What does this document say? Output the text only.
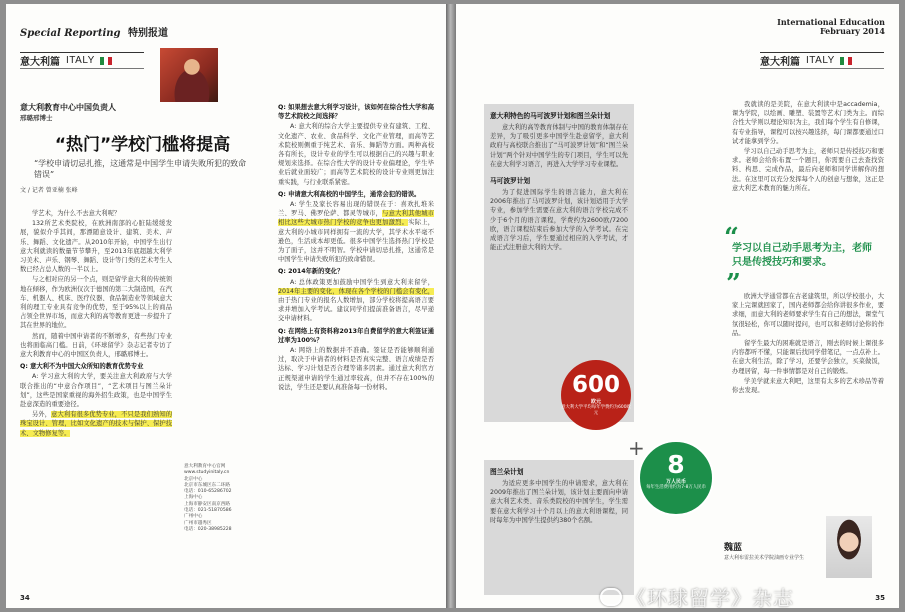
Special Reporting 特别报道
意大利篇 ITALY
意大利教育中心中国负责人
邢璐邢博士
“热门”学校门槛将提高
“学校申请切忌扎推，这通常是中国学生申请失败所犯的致命错误”
文 / 记者 曾亚楠 张峰

学艺术，为什么不去意大利呢？

132所艺术类院校，在欧洲南部的心脏陆缓缓发展，貌似介乎其间，那漂随意设计、建筑、美术、声乐、舞蹈、文化遗产。从2010年开始，中国学生出行意大利就读的数量节节攀升，至2013年底超越大利学习美术、声乐、钢琴、舞蹈、设计等门类的艺术考生人数已经占总人数的一半以上。

与之相对应的另一个点，则是留学意大利的传统领地在倾移，作为欧洲仅次于德国的第二大制造国，在汽车、机器人、机床、医疗仪器、食品制造业等领域意大利的理工专业具有竞争的优势，至于95%以上的商品占领全世界市场，而意大利的高等教育更进一步提升了其在世界的地位。

然而，随着中国申请者的不断增多，有些热门专业也将面临高门槛。日前，《环球留学》杂志记者专访了意大利教育中心的中国区负责人，邢璐邢博士。

Q: 意大利不为中国大众所知的教育优势专业

A: 学习意大利的大学，要关注意大利政府与大学联合推出的“中意合作项目”，“艺术项目与图兰朵计划”，这些是国家重视的海外招生政策，也是中国学生赴意深造的重要途径。

另外，意大利有很多优势专业，不只是我们熟知的珠宝设计、管理，比如文化遗产的技术与保护、保护技术、文物修复等。

意大利教育中心官网
www.studyinitaly.cn
北京中心
北京市东城区东二环路
电话：010-65286702
上海中心
上海市静安区南京西路
电话：021-51870586
广州中心
广州市越秀区
电话：020-38985228

Q: 如果想去意大利学习设计，该如何在综合性大学和高等艺术院校之间选择？

A: 意大利的综合大学主要提供专业有建筑、工程、文化遗产、农业、食品科学、文化产业管理，而高等艺术院校则侧重于纯艺术、音乐、舞蹈等方面。两种高校各有所长，设计专业的学生可以根据自己的兴趣与职业规划来选择。在综合性大学的设计专业偏理论，学生毕业后就业面较广；而高等艺术院校的设计专业则更加注重实践，与行业联系紧密。

Q: 申请意大利高校的中国学生，通常会犯的错误。

A: 学生及家长容易出现的错误在于：喜欢扎堆米兰、罗马、佛罗伦萨、都灵等城市，与意大利其他城市相比这些大城市热门学校的竞争也更加激烈。实际上，意大利的小城市同样拥有一流的大学，其学术水平毫不逊色，生活成本却更低。很多中国学生选择热门学校是为了面子，这并不明智。学校申请切忌扎推，这通常是中国学生申请失败所犯的致命错误。

Q: 2014年新的变化？

A: 总体政策更加鼓励中国学生到意大利来留学，2014年主要的变化，体现在各个学校的门槛会有变化，由于热门专业的报名人数增加，部分学校将提高语言要求并增加入学考试。建议同学们提前准备语言，尽早递交申请材料。

Q: 在网络上有资料称2013年自费留学的意大利签证通过率为100%？

A: 网络上的数据并不准确。签证是否能够顺利通过，取决于申请者的材料是否真实完整、语言成绩是否达标、学习计划是否合理等诸多因素。通过意大利官方正规渠道申请的学生通过率较高，但并不存在100%的说法，学生还是要认真准备每一份材料。

34
International Education
February 2014
意大利篇 ITALY
意大利特色的马可波罗计划和图兰朵计划

意大利的高等教育体制与中国的教育体制存在差异，为了吸引更多中国学生赴意留学，意大利政府与高校联合推出了“马可波罗计划”和“图兰朵计划”两个针对中国学生的专门项目，学生可以先在意大利学习语言，再进入大学学习专业课程。

马可波罗计划

为了促进国际学生的语言能力，意大利在2006年推出了马可波罗计划，该计划适用于大学专业，参加学生需要在意大利的语言学校完成不少于6个月的语言课程，学费约为2600欧/7200欧，语言课程结束后参加大学的入学考试。在完成语言学习后，学生要通过相应的入学考试，才能正式注册意大利的大学。

图兰朵计划

为适应更多中国学生的申请需求，意大利在2009年推出了图兰朵计划，该计划主要面向申请意大利艺术类、音乐类院校的中国学生，学生需要在意大利学习十个月以上的意大利语课程，同时每年为中国学生提供约380个名额。

600
欧元
意大利大学平均每年学费约为600欧元
+
8
万人民币
每年生活费用约为7-8万人民币

我就读的是美院，在意大利读中是accademia，课为学院，以绘画、雕塑、装置等艺术门类为主。而综合性大学则以理论知识为主，我们每个学生有自修课，有专业指导，课程可以按兴趣选择，每门课都要通过口试才能拿到学分。

学习以自己动手思考为主，老师只是传授技巧和要求。老师会给你布置一个题目，你需要自己去查找资料、构思、完成作品，最后向老师和同学讲解你的想法。在这里可以充分发挥每个人的创意与想象，这正是意大利艺术教育的魅力所在。

“
学习以自己动手思考为主，老师只是传授技巧和要求。
” 欧洲大学通常都在古老建筑里，所以学校很小，大家上完课就回家了，国内老师都会给你讲很多作业，要求细，而意大利的老师要求学生有自己的想法，课堂气氛很轻松，你可以随时提问，也可以和老师讨论你的作品。

留学生最大的困难就是语言，刚去的时候上课很多内容都听不懂，只能课后找同学借笔记，一点点补上。在意大利生活，除了学习，还要学会独立，买菜做饭，办理居留，每一件事情都是对自己的锻炼。

学美学就来意大利吧，这里有太多的艺术珍品等着你去发现。

魏蓝
意大利布雷拉美术学院油画专业学生
35
《环球留学》杂志
